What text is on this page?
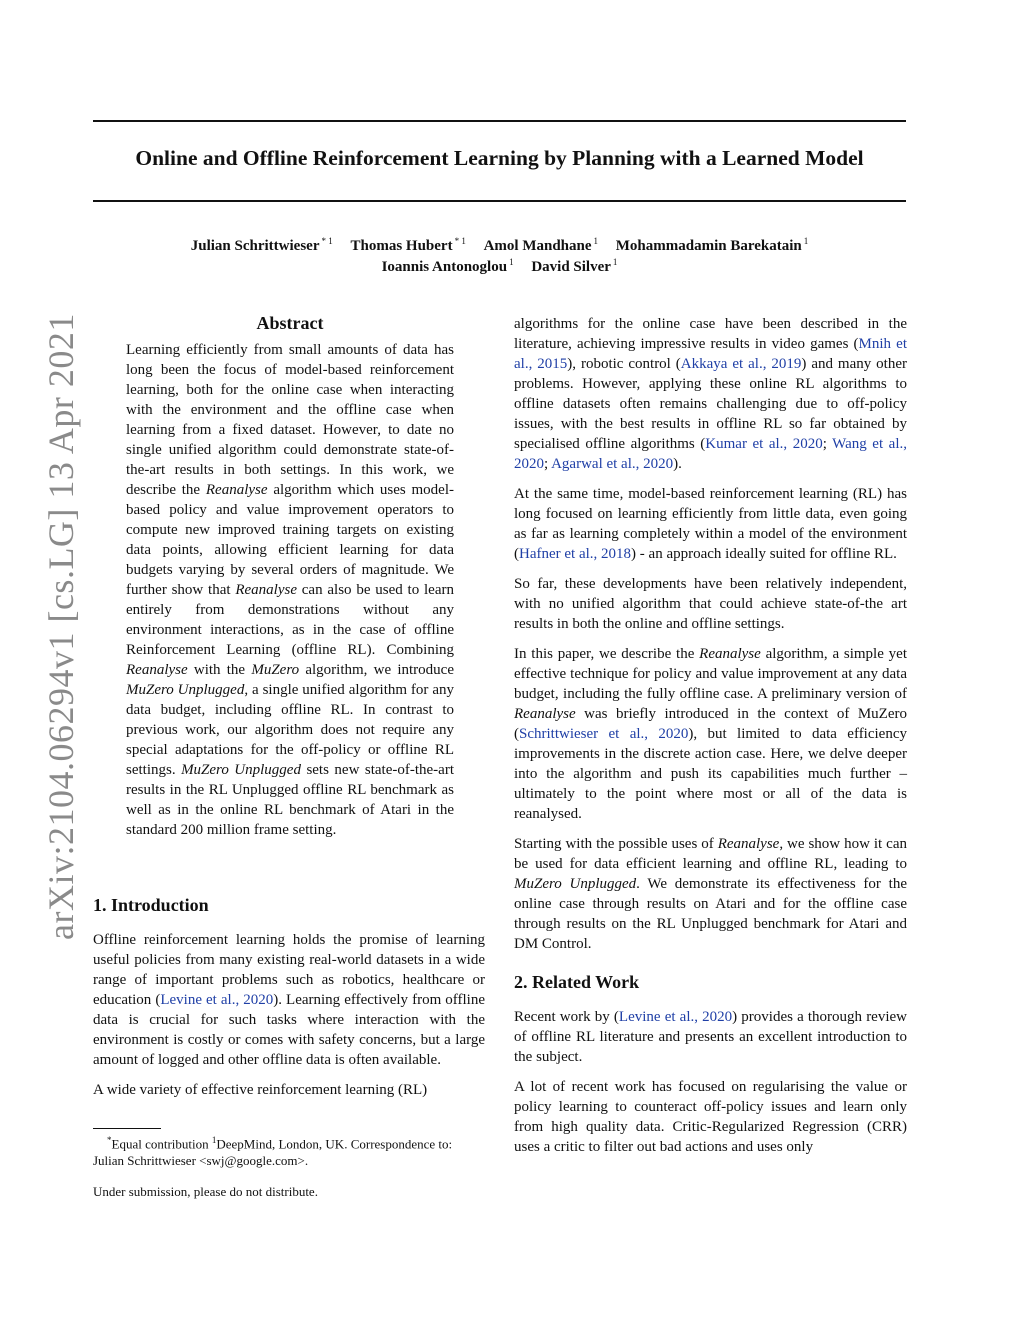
Online and Offline Reinforcement Learning by Planning with a Learned Model
Julian Schrittwieser $^{* 1}$ Thomas Hubert $^{* 1}$ Amol Mandhane $^1$ Mohammadamin Barekatain $^1$
Ioannis Antonoglou $^1$ David Silver $^1$
arXiv:2104.06294v1 [cs.LG] 13 Apr 2021	Abstract

Learning efficiently from small amounts of data has long been the focus of model-based reinforcement learning, both for the online case when interacting with the environment and the offline case when learning from a fixed dataset. However, to date no single unified algorithm could demonstrate state-of-the-art results in both settings. In this work, we describe the Reanalyse algorithm which uses model-based policy and value improvement operators to compute new improved training targets on existing data points, allowing efficient learning for data budgets varying by several orders of magnitude. We further show that Reanalyse can also be used to learn entirely from demonstrations without any environment interactions, as in the case of offline Reinforcement Learning (offline RL). Combining Reanalyse with the MuZero algorithm, we introduce MuZero Unplugged, a single unified algorithm for any data budget, including offline RL. In contrast to previous work, our algorithm does not require any special adaptations for the off-policy or offline RL settings. MuZero Unplugged sets new state-of-the-art results in the RL Unplugged offline RL benchmark as well as in the online RL benchmark of Atari in the standard 200 million frame setting.

1. Introduction

Offline reinforcement learning holds the promise of learning useful policies from many existing real-world datasets in a wide range of important problems such as robotics, healthcare or education (Levine et al., 2020). Learning effectively from offline data is crucial for such tasks where interaction with the environment is costly or comes with safety concerns, but a large amount of logged and other offline data is often available.

A wide variety of effective reinforcement learning (RL)

algorithms for the online case have been described in the literature, achieving impressive results in video games (Mnih et al., 2015), robotic control (Akkaya et al., 2019) and many other problems. However, applying these online RL algorithms to offline datasets often remains challenging due to off-policy issues, with the best results in offline RL so far obtained by specialised offline algorithms (Kumar et al., 2020; Wang et al., 2020; Agarwal et al., 2020).

At the same time, model-based reinforcement learning (RL) has long focused on learning efficiently from little data, even going as far as learning completely within a model of the environment (Hafner et al., 2018) - an approach ideally suited for offline RL.

So far, these developments have been relatively independent, with no unified algorithm that could achieve state-of-the art results in both the online and offline settings.

In this paper, we describe the Reanalyse algorithm, a simple yet effective technique for policy and value improvement at any data budget, including the fully offline case. A preliminary version of Reanalyse was briefly introduced in the context of MuZero (Schrittwieser et al., 2020), but limited to data efficiency improvements in the discrete action case. Here, we delve deeper into the algorithm and push its capabilities much further – ultimately to the point where most or all of the data is reanalysed.

Starting with the possible uses of Reanalyse, we show how it can be used for data efficient learning and offline RL, leading to MuZero Unplugged. We demonstrate its effectiveness for the online case through results on Atari and for the offline case through results on the RL Unplugged benchmark for Atari and DM Control.

2. Related Work

Recent work by (Levine et al., 2020) provides a thorough review of offline RL literature and presents an excellent introduction to the subject.

A lot of recent work has focused on regularising the value or policy learning to counteract off-policy issues and learn only from high quality data. Critic-Regularized Regression (CRR) uses a critic to filter out bad actions and uses only

*Equal contribution $^1$DeepMind, London, UK. Correspondence to: Julian Schrittwieser <swj@google.com>.
Under submission, please do not distribute.
